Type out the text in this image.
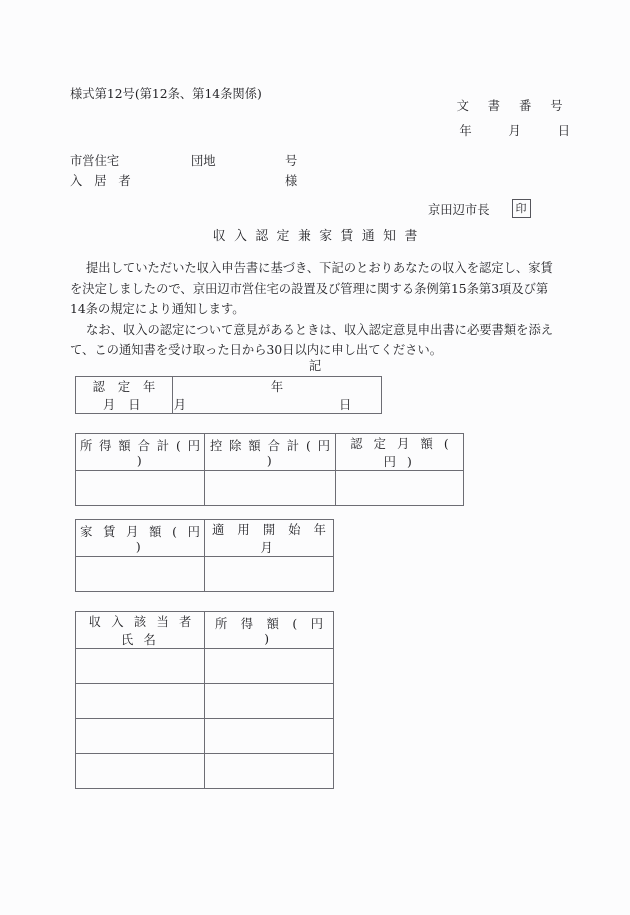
様式第12号(第12条、第14条関係)
文 書 番 号
年　　　月　　　日
市営住宅	団地	号
入 居 者	様
京田辺市長	印
収入認定兼家賃通知書

提出していただいた収入申告書に基づき、下記のとおりあなたの収入を認定し、家賃を決定しましたので、京田辺市営住宅の設置及び管理に関する条例第15条第3項及び第14条の規定により通知します。

なお、収入の認定について意見があるときは、収入認定意見申出書に必要書類を添えて、この通知書を受け取った日から30日以内に申し出てください。

記
認 定 年 月 日	年　　　月　　　日
所 得 額 合 計 ( 円 )	控 除 額 合 計 ( 円 )	認 定 月 額 ( 円 )

家 賃 月 額 ( 円 )	適 用 開 始 年 月

収 入 該 当 者 氏 名	所 得 額 ( 円 )
